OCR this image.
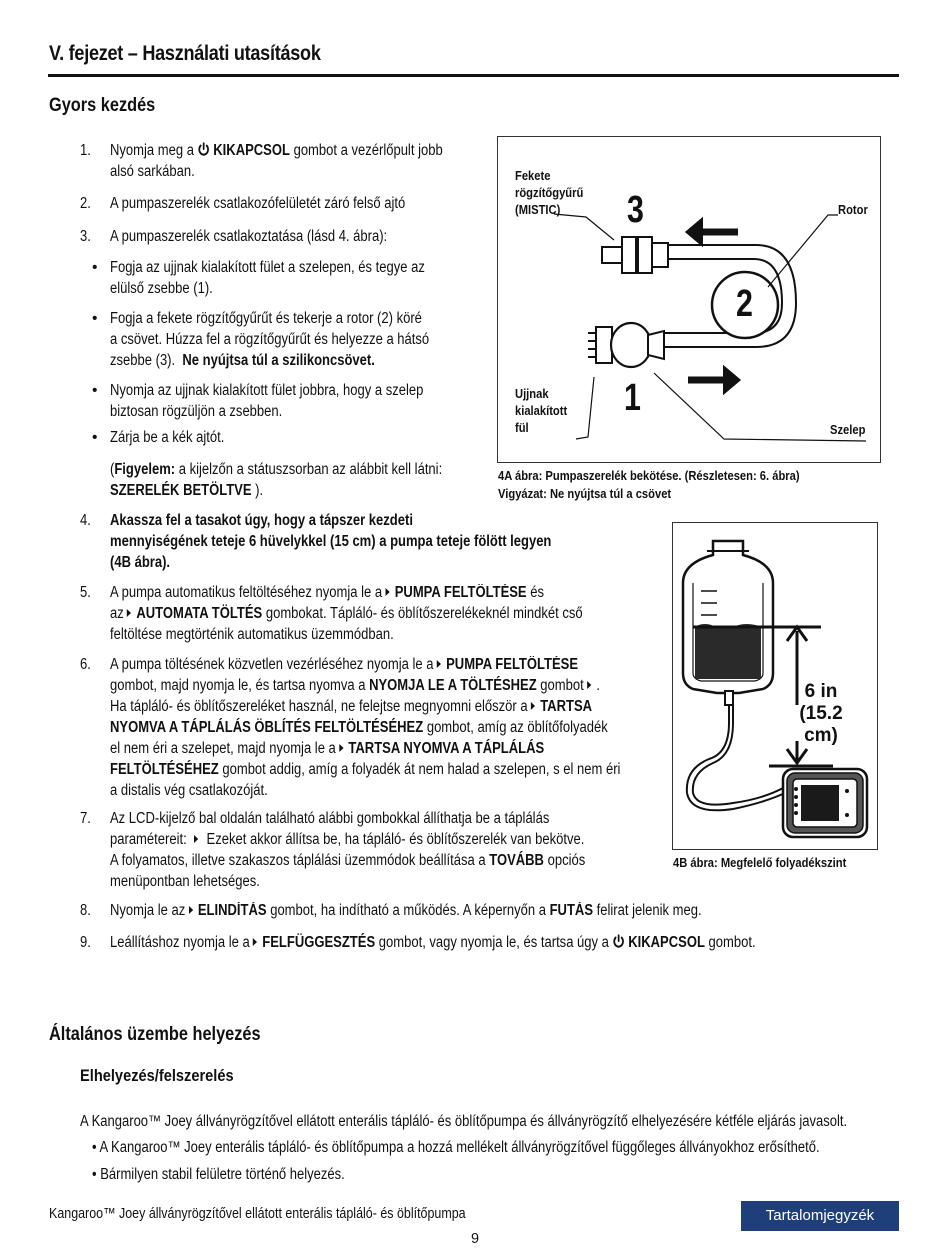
V. fejezet – Használati utasítások
Gyors kezdés
1. Nyomja meg a KIKAPCSOL gombot a vezérlőpult jobb
alsó sarkában.
2. A pumpaszerelék csatlakozófelületét záró felső ajtó
3. A pumpaszerelék csatlakoztatása (lásd 4. ábra):
• Fogja az ujjnak kialakított fület a szelepen, és tegye az
elülső zsebbe (1).
• Fogja a fekete rögzítőgyűrűt és tekerje a rotor (2) köré
a csövet. Húzza fel a rögzítőgyűrűt és helyezze a hátsó
zsebbe (3). Ne nyújtsa túl a szilikoncsövet.
• Nyomja az ujjnak kialakított fület jobbra, hogy a szelep
biztosan rögzüljön a zsebben.
• Zárja be a kék ajtót.
(Figyelem: a kijelzőn a státuszsorban az alábbit kell látni:
SZERELÉK BETÖLTVE ).
4. Akassza fel a tasakot úgy, hogy a tápszer kezdeti
mennyiségének teteje 6 hüvelykkel (15 cm) a pumpa teteje fölött legyen
(4B ábra).
5. A pumpa automatikus feltöltéséhez nyomja le a PUMPA FELTÖLTÉSE és
az AUTOMATA TÖLTÉS gombokat. Tápláló- és öblítőszerelékeknél mindkét cső
feltöltése megtörténik automatikus üzemmódban.
6. A pumpa töltésének közvetlen vezérléséhez nyomja le a PUMPA FELTÖLTÉSE
gombot, majd nyomja le, és tartsa nyomva a NYOMJA LE A TÖLTÉSHEZ gombot .
Ha tápláló- és öblítőszereléket használ, ne felejtse megnyomni először a TARTSA
NYOMVA A TÁPLÁLÁS ÖBLÍTÉS FELTÖLTÉSÉHEZ gombot, amíg az öblítőfolyadék
el nem éri a szelepet, majd nyomja le a TARTSA NYOMVA A TÁPLÁLÁS
FELTÖLTÉSÉHEZ gombot addig, amíg a folyadék át nem halad a szelepen, s el nem éri
a distalis vég csatlakozóját.
7. Az LCD-kijelző bal oldalán található alábbi gombokkal állíthatja be a táplálás
paramétereit: Ezeket akkor állítsa be, ha tápláló- és öblítőszerelék van bekötve.
A folyamatos, illetve szakaszos táplálási üzemmódok beállítása a TOVÁBB opciós
menüpontban lehetséges.
8. Nyomja le az ELINDÍTÁS gombot, ha indítható a működés. A képernyőn a FUTÁS felirat jelenik meg.
9. Leállításhoz nyomja le a FELFÜGGESZTÉS gombot, vagy nyomja le, és tartsa úgy a KIKAPCSOL gombot.
Fekete
rögzítőgyűrű
(MISTIC)	Rotor
Ujjnak
kialakított
fül	Szelep
3
2
1
4A ábra: Pumpaszerelék bekötése. (Részletesen: 6. ábra)
Vigyázat: Ne nyújtsa túl a csövet
6 in
(15.2 cm)
4B ábra: Megfelelő folyadékszint
Általános üzembe helyezés
Elhelyezés/felszerelés
A Kangaroo™ Joey állványrögzítővel ellátott enterális tápláló- és öblítőpumpa és állványrögzítő elhelyezésére kétféle eljárás javasolt.
• A Kangaroo™ Joey enterális tápláló- és öblítőpumpa a hozzá mellékelt állványrögzítővel függőleges állványokhoz erősíthető.
• Bármilyen stabil felületre történő helyezés.
Kangaroo™ Joey állványrögzítővel ellátott enterális tápláló- és öblítőpumpa	Tartalomjegyzék
9
